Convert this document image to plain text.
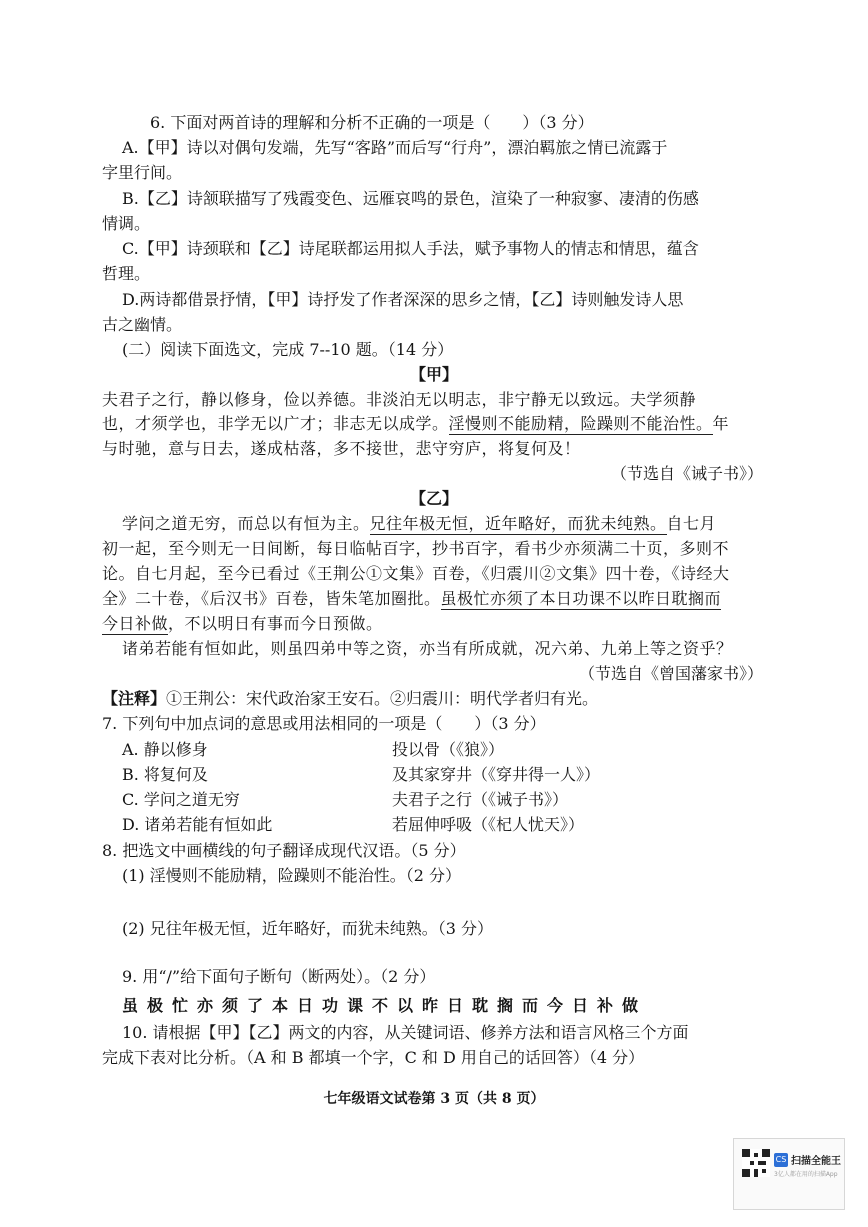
6. 下面对两首诗的理解和分析不正确的一项是（　　）（3 分）
A.【甲】诗以对偶句发端，先写“客路”而后写“行舟”，漂泊羁旅之情已流露于
字里行间。
B.【乙】诗颔联描写了残霞变色、远雁哀鸣的景色，渲染了一种寂寥、凄清的伤感
情调。
C.【甲】诗颈联和【乙】诗尾联都运用拟人手法，赋予事物人的情志和情思，蕴含
哲理。
D.两诗都借景抒情，【甲】诗抒发了作者深深的思乡之情，【乙】诗则触发诗人思
古之幽情。
(二）阅读下面选文，完成 7--10 题。（14 分）
【甲】
夫君子之行，静以修身，俭以养德。非淡泊无以明志，非宁静无以致远。夫学须静
也，才须学也，非学无以广才；非志无以成学。淫慢则不能励精，险躁则不能治性。年
与时驰，意与日去，遂成枯落，多不接世，悲守穷庐，将复何及！
（节选自《诫子书》）
【乙】
学问之道无穷，而总以有恒为主。兄往年极无恒，近年略好，而犹未纯熟。自七月
初一起，至今则无一日间断，每日临帖百字，抄书百字，看书少亦须满二十页，多则不
论。自七月起，至今已看过《王荆公①文集》百卷，《归震川②文集》四十卷，《诗经大
全》二十卷，《后汉书》百卷，皆朱笔加圈批。虽极忙亦须了本日功课不以昨日耽搁而
今日补做，不以明日有事而今日预做。
诸弟若能有恒如此，则虽四弟中等之资，亦当有所成就，况六弟、九弟上等之资乎？
（节选自《曾国藩家书》）
【注释】①王荆公：宋代政治家王安石。②归震川：明代学者归有光。
7. 下列句中加点词的意思或用法相同的一项是（　　）（3 分）
A. 静以修身	投以骨（《狼》）
B. 将复何及	及其家穿井（《穿井得一人》）
C. 学问之道无穷	夫君子之行（《诫子书》）
D. 诸弟若能有恒如此	若屈伸呼吸（《杞人忧天》）
8. 把选文中画横线的句子翻译成现代汉语。（5 分）
(1) 淫慢则不能励精，险躁则不能治性。（2 分）
(2) 兄往年极无恒，近年略好，而犹未纯熟。（3 分）
9. 用“/”给下面句子断句（断两处）。（2 分）
虽极忙亦须了本日功课不以昨日耽搁而今日补做
10. 请根据【甲】【乙】两文的内容，从关键词语、修养方法和语言风格三个方面
完成下表对比分析。（A 和 B 都填一个字，C 和 D 用自己的话回答）（4 分）
七年级语文试卷第 3 页（共 8 页）
CS 扫描全能王
3亿人都在用的扫描App
